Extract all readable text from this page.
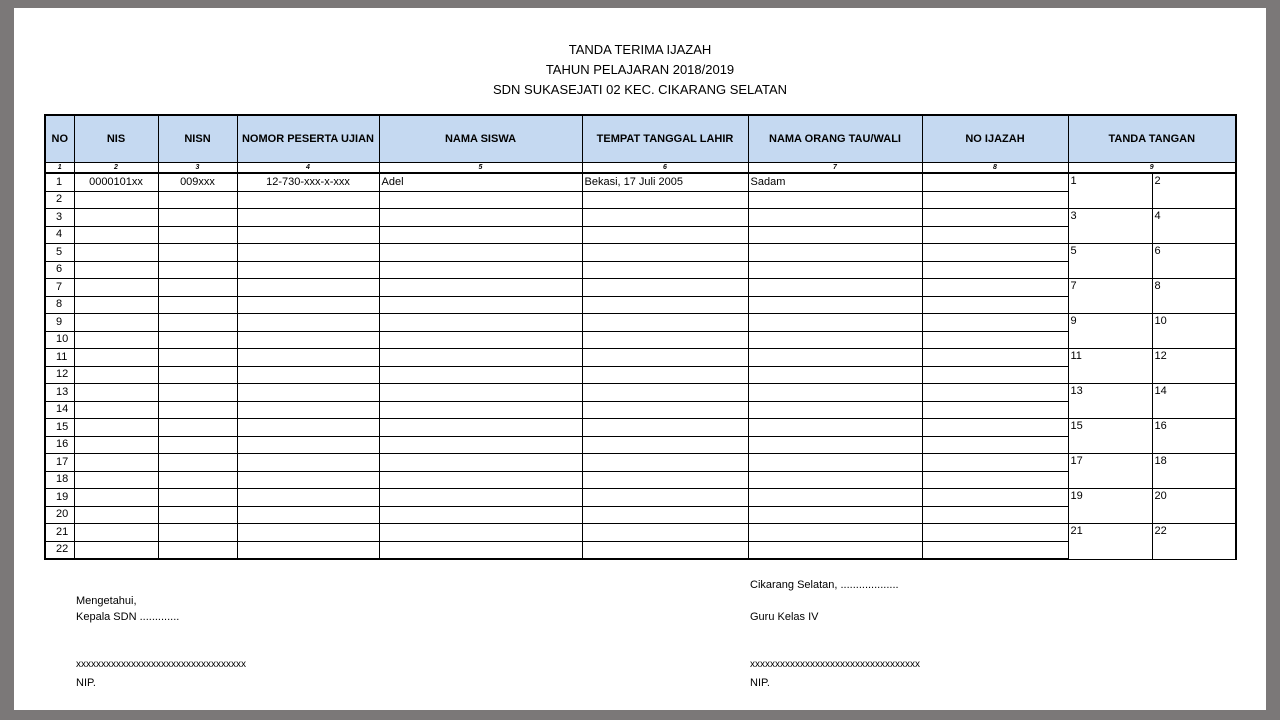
TANDA TERIMA IJAZAH
TAHUN PELAJARAN 2018/2019
SDN SUKASEJATI 02 KEC. CIKARANG SELATAN
NO	NIS	NISN	NOMOR PESERTA UJIAN	NAMA SISWA	TEMPAT TANGGAL LAHIR	NAMA ORANG TAU/WALI	NO IJAZAH	TANDA TANGAN	
1	2	3	4	5	6	7	8	9	
1	0000101xx	009xxx	12-730-xxx-x-xxx	Adel	Bekasi, 17 Juli 2005	Sadam		1	2
2									
3								3	4
4									
5								5	6
6									
7								7	8
8									
9								9	10
10									
11								11	12
12									
13								13	14
14									
15								15	16
16									
17								17	18
18									
19								19	20
20									
21								21	22
22									
Mengetahui,
Kepala SDN .............
xxxxxxxxxxxxxxxxxxxxxxxxxxxxxxxxxx
NIP.
Cikarang Selatan, ...................
Guru Kelas IV
xxxxxxxxxxxxxxxxxxxxxxxxxxxxxxxxxx
NIP.
